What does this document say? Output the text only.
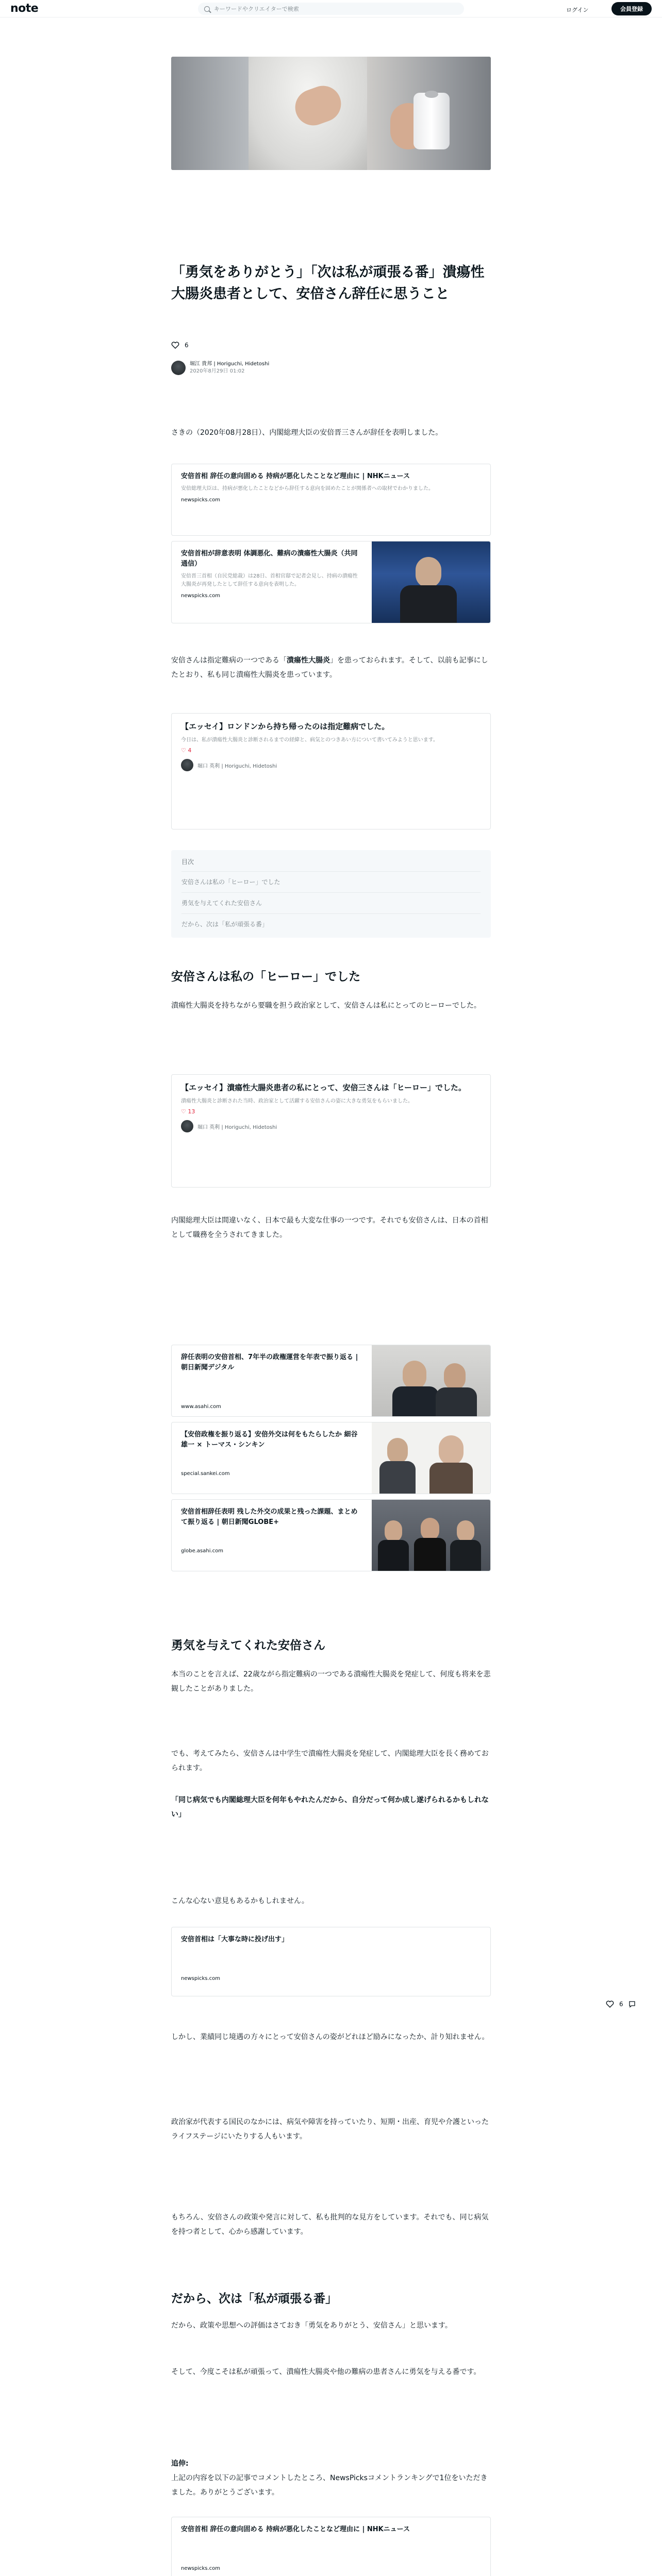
note	キーワードやクリエイターで検索	ログイン	会員登録
「勇気をありがとう」「次は私が頑張る番」潰瘍性大腸炎患者として、安倍さん辞任に思うこと
6
堀江 貴邦 | Horiguchi, Hidetoshi
2020年8月29日 01:02

さきの（2020年08月28日）、内閣総理大臣の安倍晋三さんが辞任を表明しました。

安倍首相 辞任の意向固める 持病が悪化したことなど理由に | NHKニュース
安倍総理大臣は、持病が悪化したことなどから辞任する意向を固めたことが関係者への取材でわかりました。
newspicks.com
安倍首相が辞意表明 体調悪化、難病の潰瘍性大腸炎（共同通信）
安倍晋三首相（自民党総裁）は28日、首相官邸で記者会見し、持病の潰瘍性大腸炎が再発したとして辞任する意向を表明した。
newspicks.com

安倍さんは指定難病の一つである「潰瘍性大腸炎」を患っておられます。そして、以前も記事にしたとおり、私も同じ潰瘍性大腸炎を患っています。

【エッセイ】ロンドンから持ち帰ったのは指定難病でした。
今日は、私が潰瘍性大腸炎と診断されるまでの経緯と、病気とのつきあい方について書いてみようと思います。
♡ 4
堀口 英利 | Horiguchi, Hidetoshi
目次
安倍さんは私の「ヒーロー」でした
勇気を与えてくれた安倍さん
だから、次は「私が頑張る番」
安倍さんは私の「ヒーロー」でした

潰瘍性大腸炎を持ちながら要職を担う政治家として、安倍さんは私にとってのヒーローでした。

【エッセイ】潰瘍性大腸炎患者の私にとって、安倍三さんは「ヒーロー」でした。
潰瘍性大腸炎と診断された当時、政治家として活躍する安倍さんの姿に大きな勇気をもらいました。
♡ 13
堀口 英利 | Horiguchi, Hidetoshi

内閣総理大臣は間違いなく、日本で最も大変な仕事の一つです。それでも安倍さんは、日本の首相として職務を全うされてきました。

辞任表明の安倍首相、7年半の政権運営を年表で振り返る | 朝日新聞デジタル
www.asahi.com
【安倍政権を振り返る】安倍外交は何をもたらしたか 細谷雄一 × トーマス・シンキン
special.sankei.com
安倍首相辞任表明 残した外交の成果と残った課題、まとめて振り返る | 朝日新聞GLOBE+
globe.asahi.com
勇気を与えてくれた安倍さん

本当のことを言えば、22歳ながら指定難病の一つである潰瘍性大腸炎を発症して、何度も将来を悲観したことがありました。

でも、考えてみたら、安倍さんは中学生で潰瘍性大腸炎を発症して、内閣総理大臣を長く務めておられます。

「同じ病気でも内閣総理大臣を何年もやれたんだから、自分だって何か成し遂げられるかもしれない」

こんな心ない意見もあるかもしれません。

安倍首相は「大事な時に投げ出す」
newspicks.com
6

しかし、業績同じ境遇の方々にとって安倍さんの姿がどれほど励みになったか、計り知れません。

政治家が代表する国民のなかには、病気や障害を持っていたり、短期・出産、育児や介護といったライフステージにいたりする人もいます。

もちろん、安倍さんの政策や発言に対して、私も批判的な見方をしています。それでも、同じ病気を持つ者として、心から感謝しています。

だから、次は「私が頑張る番」

だから、政策や思想への評価はさておき「勇気をありがとう、安倍さん」と思います。

そして、今度こそは私が頑張って、潰瘍性大腸炎や他の難病の患者さんに勇気を与える番です。

追伸:

上記の内容を以下の記事でコメントしたところ、NewsPicksコメントランキングで1位をいただきました。ありがとうございます。

安倍首相 辞任の意向固める 持病が悪化したことなど理由に | NHKニュース
newspicks.com
